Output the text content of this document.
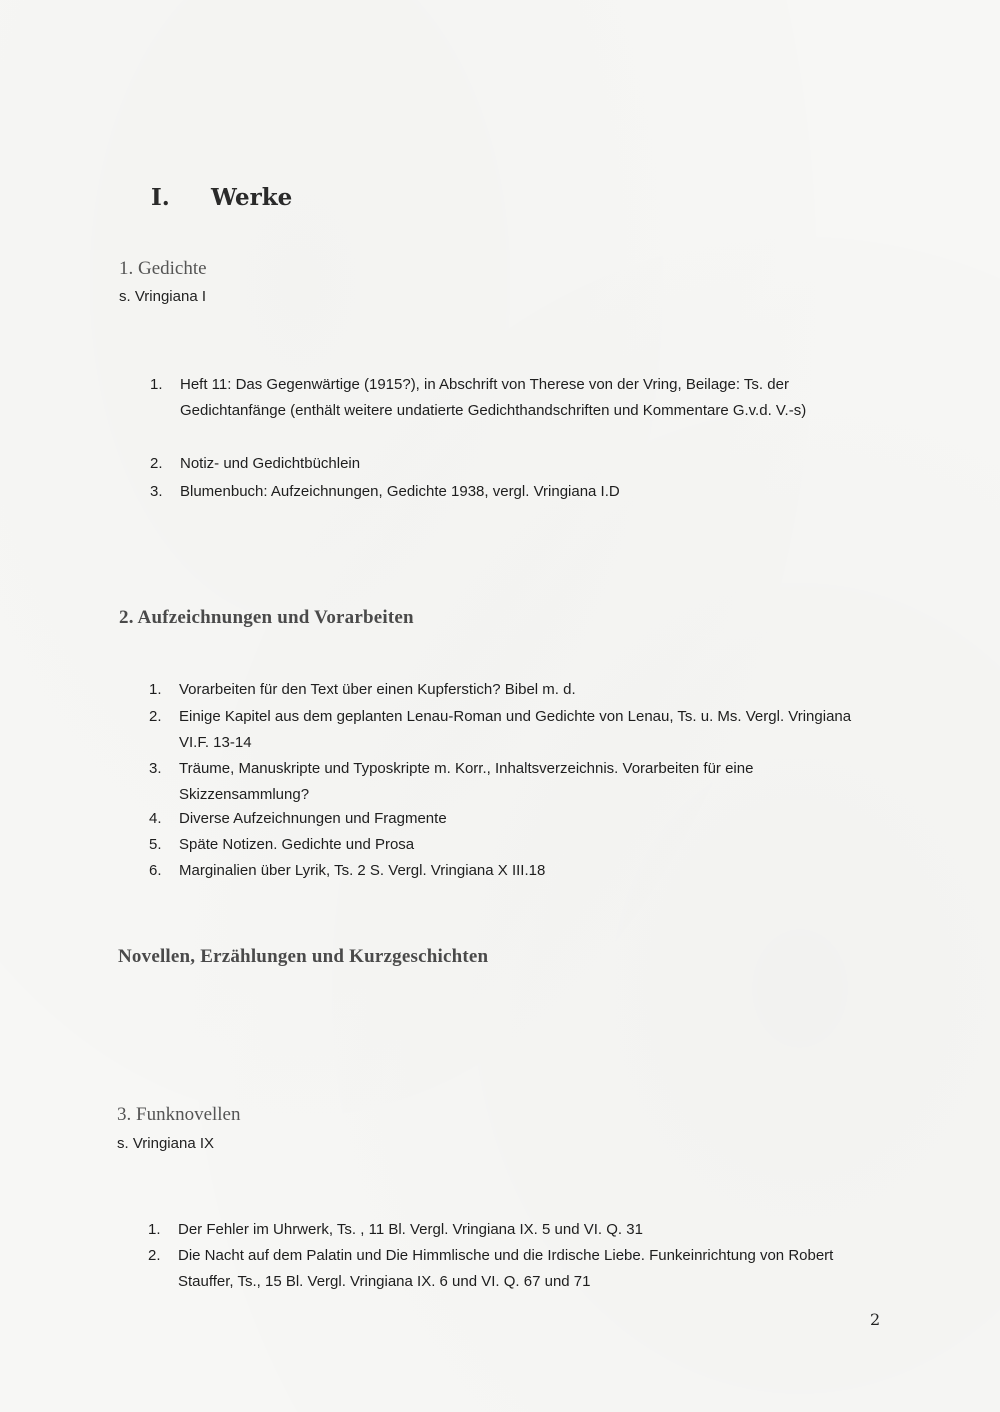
I. Werke
1. Gedichte
s. Vringiana I
1.	Heft 11: Das Gegenwärtige (1915?), in Abschrift von Therese von der Vring, Beilage: Ts. der Gedichtanfänge (enthält weitere undatierte Gedichthandschriften und Kommentare G.v.d. V.-s)
2.	Notiz- und Gedichtbüchlein
3.	Blumenbuch: Aufzeichnungen, Gedichte 1938, vergl. Vringiana I.D
2. Aufzeichnungen und Vorarbeiten
1.	Vorarbeiten für den Text über einen Kupferstich? Bibel m. d.
2.	Einige Kapitel aus dem geplanten Lenau-Roman und Gedichte von Lenau, Ts. u. Ms. Vergl. Vringiana VI.F. 13-14
3.	Träume, Manuskripte und Typoskripte m. Korr., Inhaltsverzeichnis. Vorarbeiten für eine Skizzensammlung?
4.	Diverse Aufzeichnungen und Fragmente
5.	Späte Notizen. Gedichte und Prosa
6.	Marginalien über Lyrik, Ts. 2 S. Vergl. Vringiana X III.18
Novellen, Erzählungen und Kurzgeschichten
3. Funknovellen
s. Vringiana IX
1.	Der Fehler im Uhrwerk, Ts. , 11 Bl. Vergl. Vringiana IX. 5 und VI. Q. 31
2.	Die Nacht auf dem Palatin und Die Himmlische und die Irdische Liebe. Funkeinrichtung von Robert Stauffer, Ts., 15 Bl. Vergl. Vringiana IX. 6 und VI. Q. 67 und 71
2
